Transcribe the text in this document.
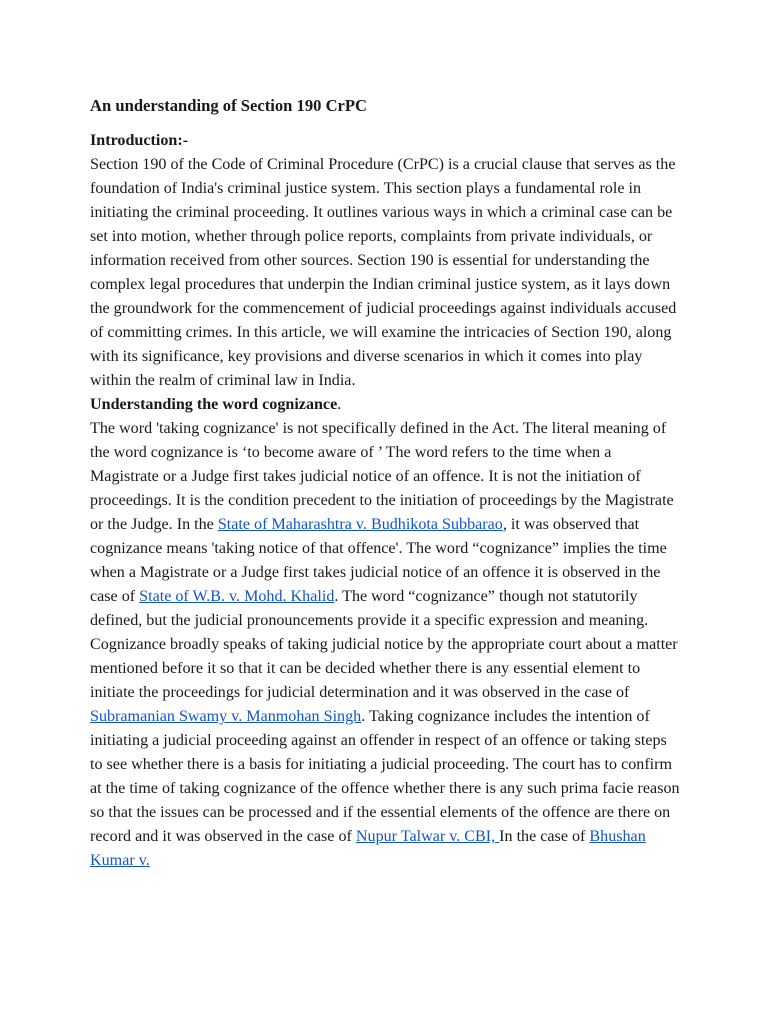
An understanding of Section 190 CrPC
Introduction:-

Section 190 of the Code of Criminal Procedure (CrPC) is a crucial clause that serves as the foundation of India's criminal justice system. This section plays a fundamental role in initiating the criminal proceeding. It outlines various ways in which a criminal case can be set into motion, whether through police reports, complaints from private individuals, or information received from other sources. Section 190 is essential for understanding the complex legal procedures that underpin the Indian criminal justice system, as it lays down the groundwork for the commencement of judicial proceedings against individuals accused of committing crimes. In this article, we will examine the intricacies of Section 190, along with its significance, key provisions and diverse scenarios in which it comes into play within the realm of criminal law in India.

Understanding the word cognizance.

The word 'taking cognizance' is not specifically defined in the Act. The literal meaning of the word cognizance is ‘to become aware of ’ The word refers to the time when a Magistrate or a Judge first takes judicial notice of an offence. It is not the initiation of proceedings. It is the condition precedent to the initiation of proceedings by the Magistrate or the Judge. In the State of Maharashtra v. Budhikota Subbarao, it was observed that cognizance means 'taking notice of that offence'. The word “cognizance” implies the time when a Magistrate or a Judge first takes judicial notice of an offence it is observed in the case of State of W.B. v. Mohd. Khalid. The word “cognizance” though not statutorily defined, but the judicial pronouncements provide it a specific expression and meaning. Cognizance broadly speaks of taking judicial notice by the appropriate court about a matter mentioned before it so that it can be decided whether there is any essential element to initiate the proceedings for judicial determination and it was observed in the case of Subramanian Swamy v. Manmohan Singh. Taking cognizance includes the intention of initiating a judicial proceeding against an offender in respect of an offence or taking steps to see whether there is a basis for initiating a judicial proceeding. The court has to confirm at the time of taking cognizance of the offence whether there is any such prima facie reason so that the issues can be processed and if the essential elements of the offence are there on record and it was observed in the case of Nupur Talwar v. CBI, In the case of Bhushan Kumar v.
